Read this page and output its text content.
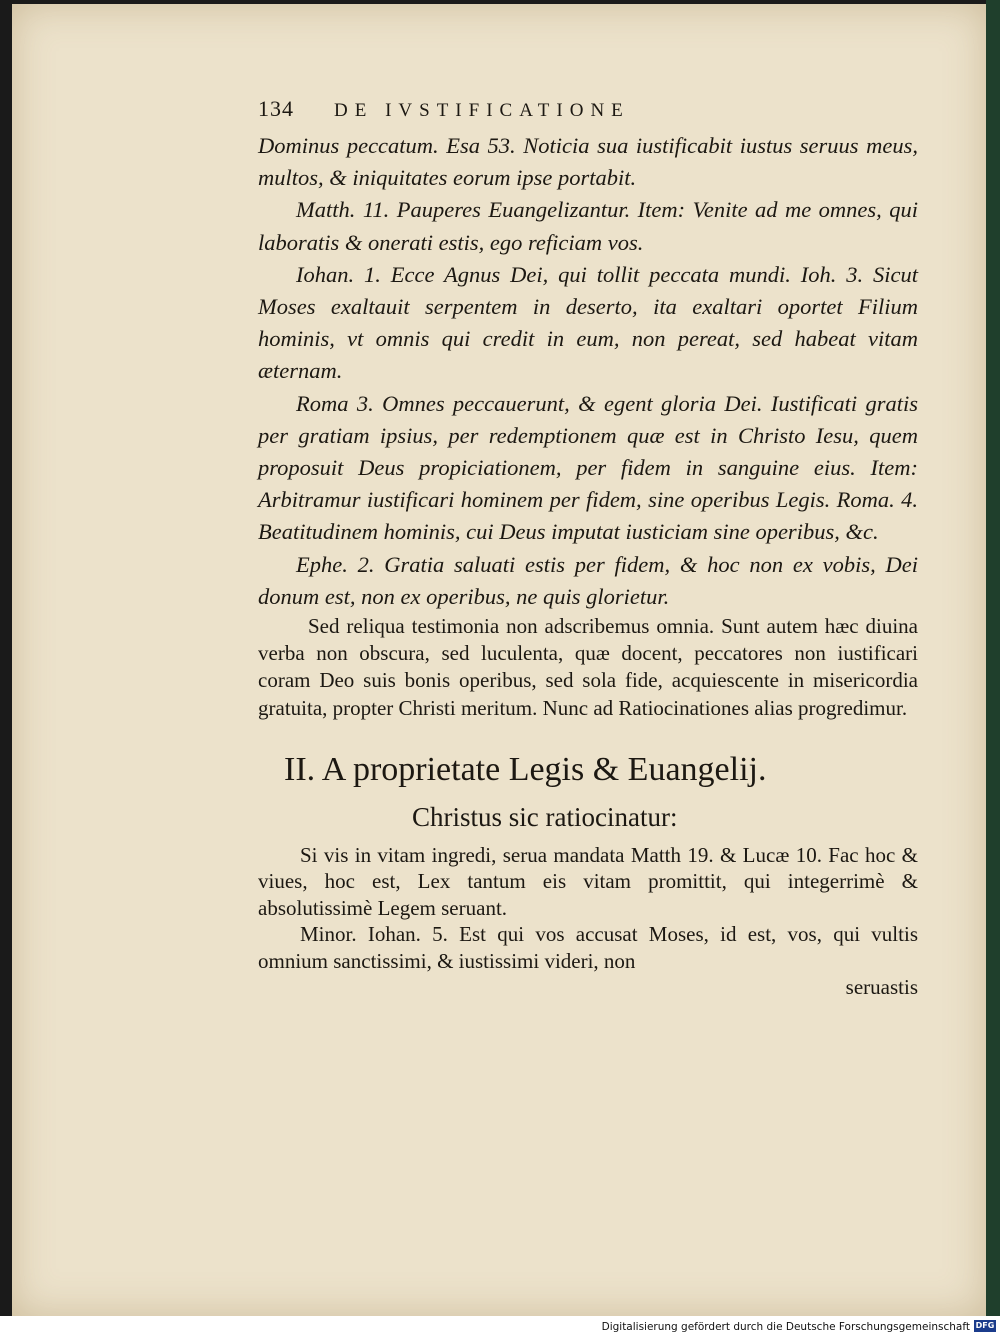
134 DE IVSTIFICATIONE

Dominus peccatum. Esa 53. Noticia sua iustificabit iustus seruus meus, multos, & iniquitates eorum ipse portabit.

Matth. 11. Pauperes Euangelizantur. Item: Venite ad me omnes, qui laboratis & onerati estis, ego reficiam vos.

Iohan. 1. Ecce Agnus Dei, qui tollit peccata mundi. Ioh. 3. Sicut Moses exaltauit serpentem in deserto, ita exaltari oportet Filium hominis, vt omnis qui credit in eum, non pereat, sed habeat vitam æternam.

Roma 3. Omnes peccauerunt, & egent gloria Dei. Iustificati gratis per gratiam ipsius, per redemptionem quæ est in Christo Iesu, quem proposuit Deus propiciationem, per fidem in sanguine eius. Item: Arbitramur iustificari hominem per fidem, sine operibus Legis. Roma. 4. Beatitudinem hominis, cui Deus imputat iusticiam sine operibus, &c.

Ephe. 2. Gratia saluati estis per fidem, & hoc non ex vobis, Dei donum est, non ex operibus, ne quis glorietur.

Sed reliqua testimonia non adscribemus omnia. Sunt autem hæc diuina verba non obscura, sed luculenta, quæ docent, peccatores non iustificari coram Deo suis bonis operibus, sed sola fide, acquiescente in misericordia gratuita, propter Christi meritum. Nunc ad Ratiocinationes alias progredimur.

II. A proprietate Legis & Euangelij.
Christus sic ratiocinatur:

Si vis in vitam ingredi, serua mandata Matth 19. & Lucæ 10. Fac hoc & viues, hoc est, Lex tantum eis vitam promittit, qui integerrimè & absolutissimè Legem seruant.

Minor. Iohan. 5. Est qui vos accusat Moses, id est, vos, qui vultis omnium sanctissimi, & iustissimi videri, non

seruastis
Digitalisierung gefördert durch die Deutsche Forschungsgemeinschaft DFG
